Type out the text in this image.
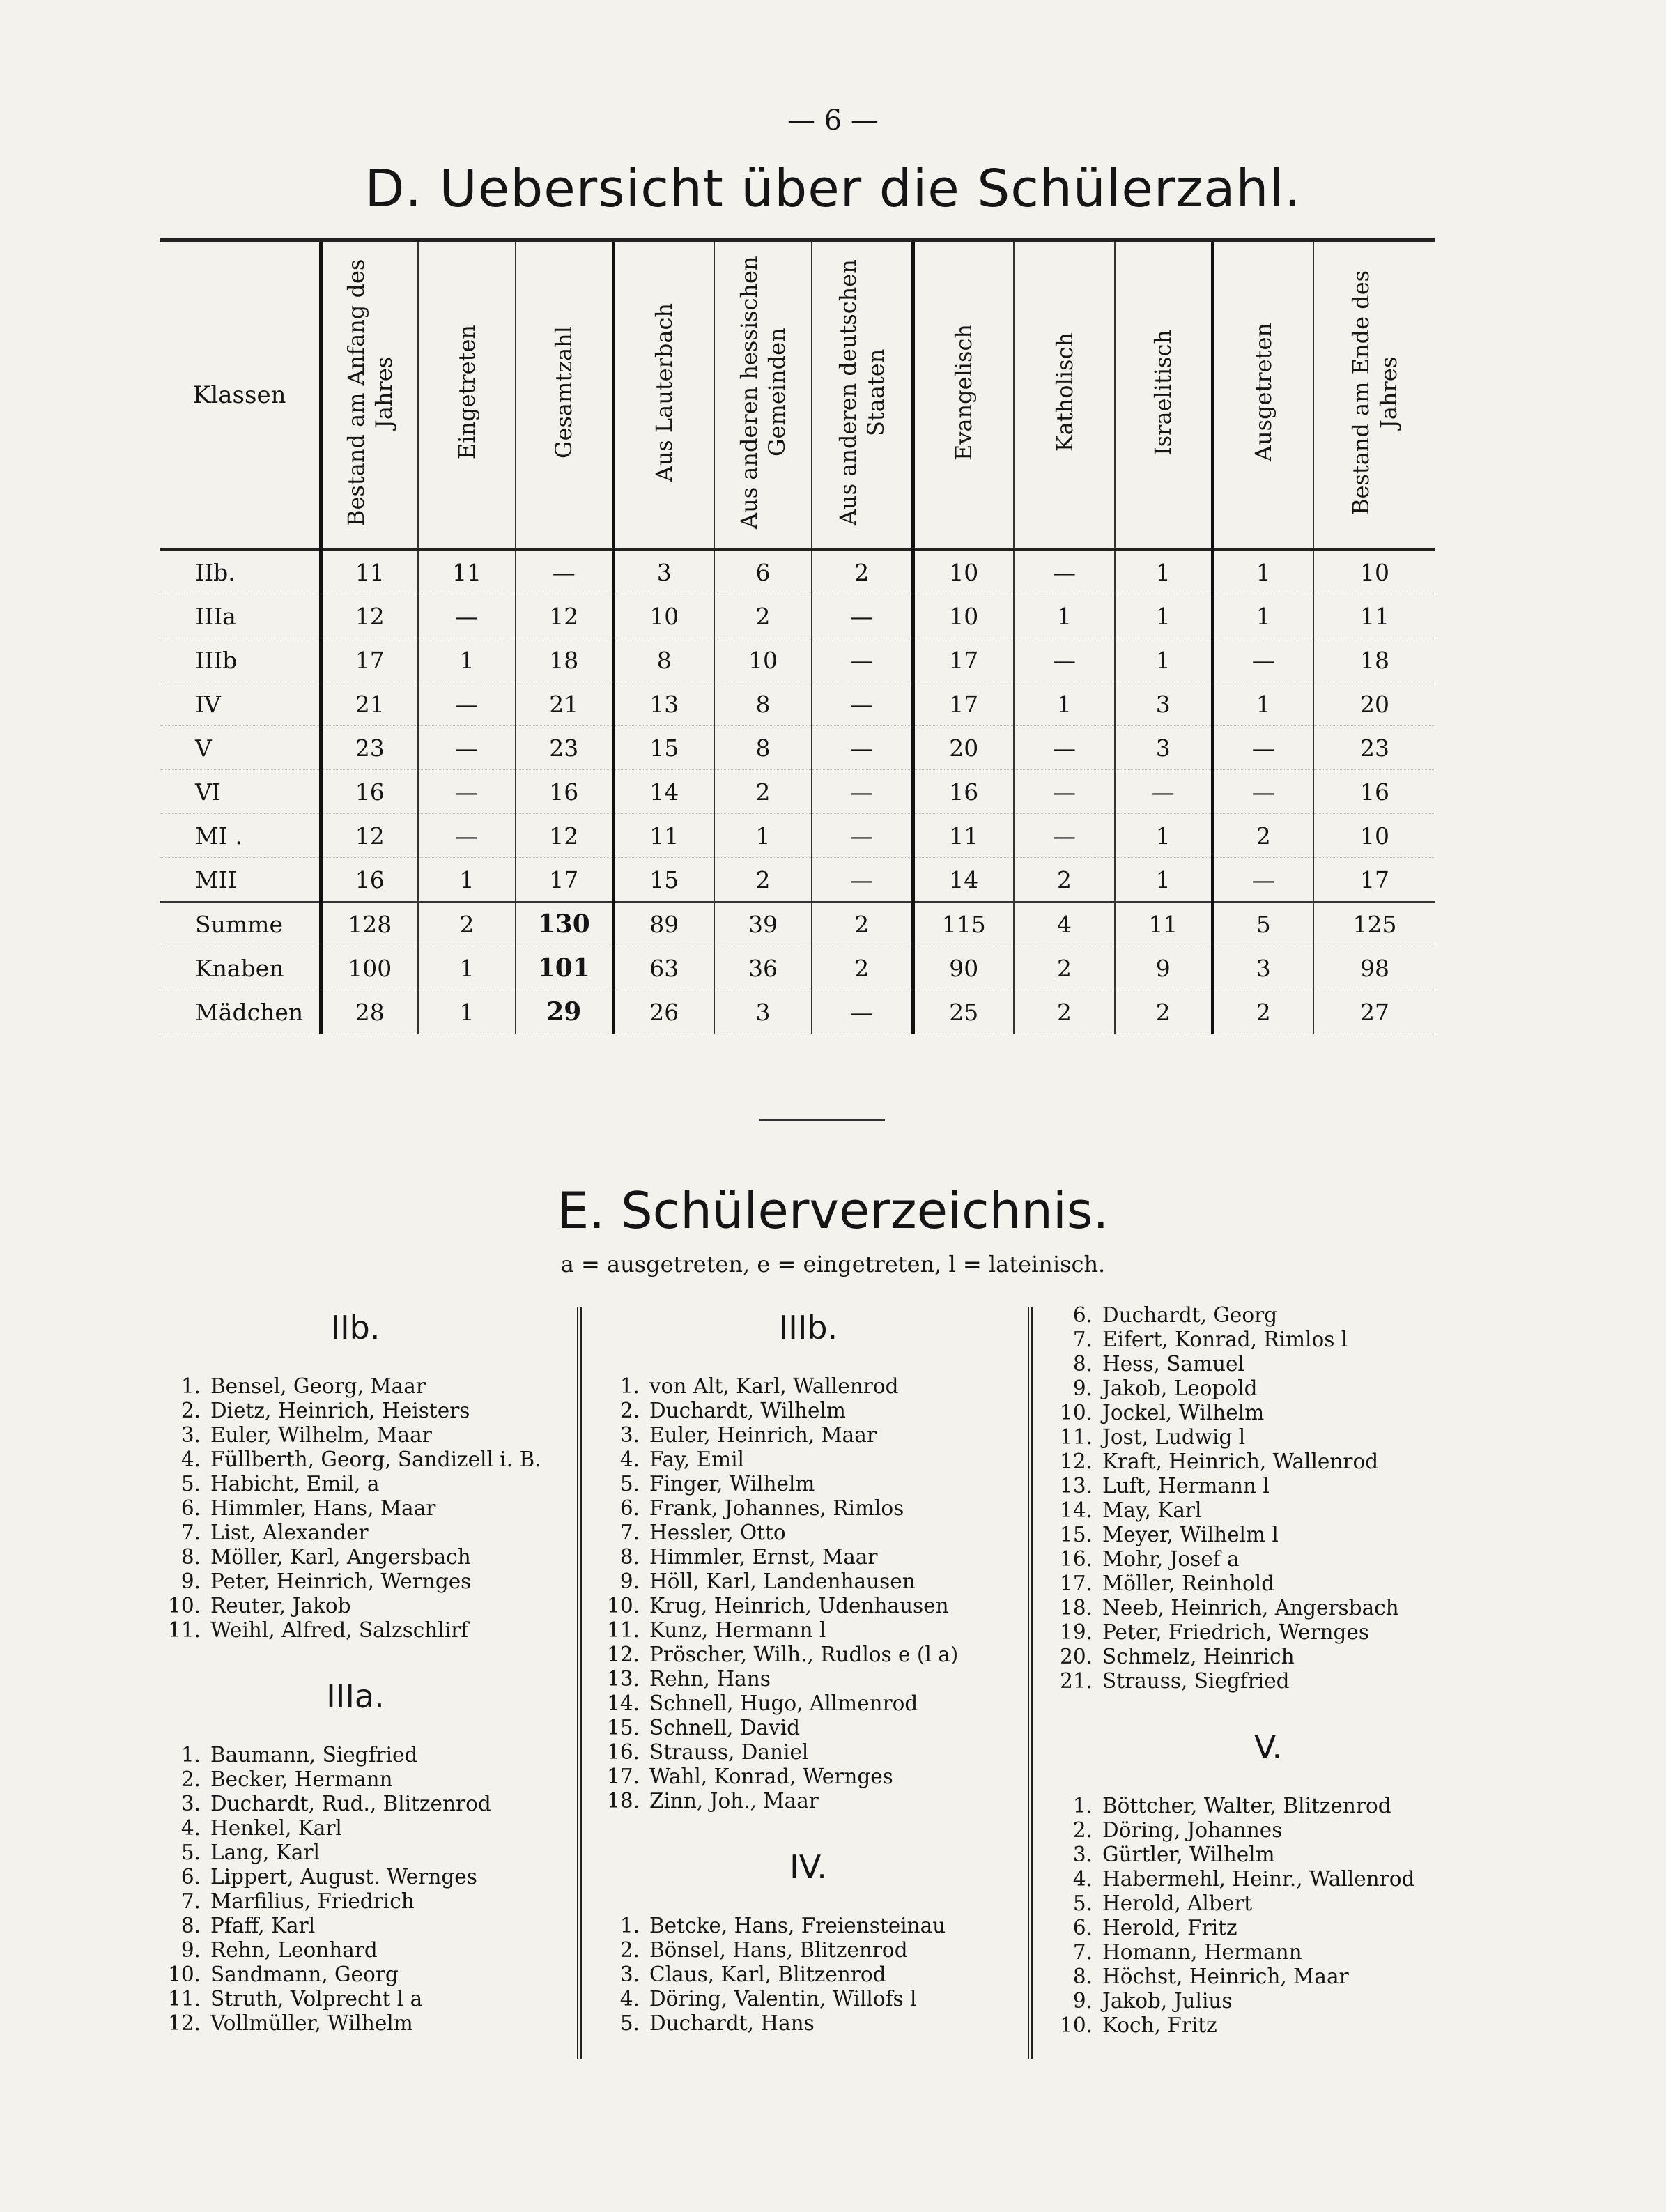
— 6 —
D. Uebersicht über die Schülerzahl.
Klassen	Bestand am Anfang des Jahres	Eingetreten	Gesamtzahl	Aus Lauterbach	Aus anderen hessischen Gemeinden	Aus anderen deutschen Staaten	Evangelisch	Katholisch	Israelitisch	Ausgetreten	Bestand am Ende des Jahres
IIb.	11	11	—	3	6	2	10	—	1	1	10
IIIa	12	—	12	10	2	—	10	1	1	1	11
IIIb	17	1	18	8	10	—	17	—	1	—	18
IV	21	—	21	13	8	—	17	1	3	1	20
V	23	—	23	15	8	—	20	—	3	—	23
VI	16	—	16	14	2	—	16	—	—	—	16
MI .	12	—	12	11	1	—	11	—	1	2	10
MII	16	1	17	15	2	—	14	2	1	—	17
Summe	128	2	130	89	39	2	115	4	11	5	125
Knaben	100	1	101	63	36	2	90	2	9	3	98
Mädchen	28	1	29	26	3	—	25	2	2	2	27
E. Schülerverzeichnis.
a = ausgetreten, e = eingetreten, l = lateinisch.
IIb.
1. Bensel, Georg, Maar
2. Dietz, Heinrich, Heisters
3. Euler, Wilhelm, Maar
4. Füllberth, Georg, Sandizell i. B.
5. Habicht, Emil, a
6. Himmler, Hans, Maar
7. List, Alexander
8. Möller, Karl, Angersbach
9. Peter, Heinrich, Wernges
10. Reuter, Jakob
11. Weihl, Alfred, Salzschlirf
IIIa.
1. Baumann, Siegfried
2. Becker, Hermann
3. Duchardt, Rud., Blitzenrod
4. Henkel, Karl
5. Lang, Karl
6. Lippert, August. Wernges
7. Marfilius, Friedrich
8. Pfaff, Karl
9. Rehn, Leonhard
10. Sandmann, Georg
11. Struth, Volprecht l a
12. Vollmüller, Wilhelm
IIIb.
1. von Alt, Karl, Wallenrod
2. Duchardt, Wilhelm
3. Euler, Heinrich, Maar
4. Fay, Emil
5. Finger, Wilhelm
6. Frank, Johannes, Rimlos
7. Hessler, Otto
8. Himmler, Ernst, Maar
9. Höll, Karl, Landenhausen
10. Krug, Heinrich, Udenhausen
11. Kunz, Hermann l
12. Pröscher, Wilh., Rudlos e (l a)
13. Rehn, Hans
14. Schnell, Hugo, Allmenrod
15. Schnell, David
16. Strauss, Daniel
17. Wahl, Konrad, Wernges
18. Zinn, Joh., Maar
IV.
1. Betcke, Hans, Freiensteinau
2. Bönsel, Hans, Blitzenrod
3. Claus, Karl, Blitzenrod
4. Döring, Valentin, Willofs l
5. Duchardt, Hans
6. Duchardt, Georg
7. Eifert, Konrad, Rimlos l
8. Hess, Samuel
9. Jakob, Leopold
10. Jockel, Wilhelm
11. Jost, Ludwig l
12. Kraft, Heinrich, Wallenrod
13. Luft, Hermann l
14. May, Karl
15. Meyer, Wilhelm l
16. Mohr, Josef a
17. Möller, Reinhold
18. Neeb, Heinrich, Angersbach
19. Peter, Friedrich, Wernges
20. Schmelz, Heinrich
21. Strauss, Siegfried
V.
1. Böttcher, Walter, Blitzenrod
2. Döring, Johannes
3. Gürtler, Wilhelm
4. Habermehl, Heinr., Wallenrod
5. Herold, Albert
6. Herold, Fritz
7. Homann, Hermann
8. Höchst, Heinrich, Maar
9. Jakob, Julius
10. Koch, Fritz
